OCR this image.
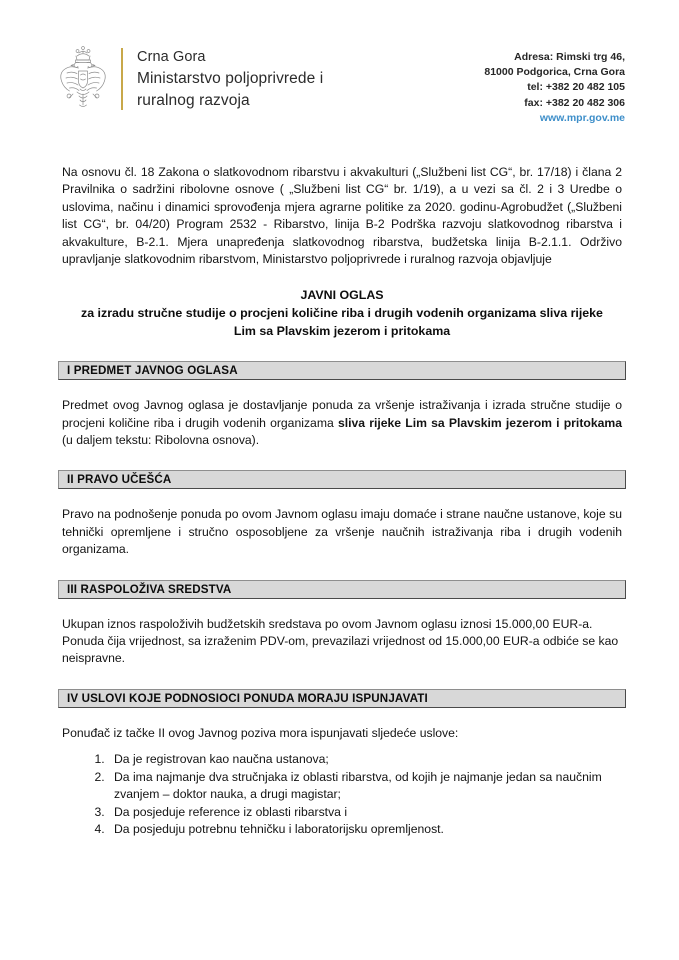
Crna Gora
Ministarstvo poljoprivrede i
ruralnog razvoja
Adresa: Rimski trg 46,
81000 Podgorica, Crna Gora
tel: +382 20 482 105
fax: +382 20 482 306
www.mpr.gov.me

Na osnovu čl. 18 Zakona o slatkovodnom ribarstvu i akvakulturi („Službeni list CG“, br. 17/18) i člana 2 Pravilnika o sadržini ribolovne osnove ( „Službeni list CG“ br. 1/19), a u vezi sa čl. 2 i 3 Uredbe o uslovima, načinu i dinamici sprovođenja mjera agrarne politike za 2020. godinu-Agrobudžet („Službeni list CG“, br. 04/20) Program 2532 - Ribarstvo, linija B-2 Podrška razvoju slatkovodnog ribarstva i akvakulture, B-2.1. Mjera unapređenja slatkovodnog ribarstva, budžetska linija B-2.1.1. Održivo upravljanje slatkovodnim ribarstvom, Ministarstvo poljoprivrede i ruralnog razvoja objavljuje

JAVNI OGLAS
za izradu stručne studije o procjeni količine riba i drugih vodenih organizama sliva rijeke
Lim sa Plavskim jezerom i pritokama
I PREDMET JAVNOG OGLASA

Predmet ovog Javnog oglasa je dostavljanje ponuda za vršenje istraživanja i izrada stručne studije o procjeni količine riba i drugih vodenih organizama sliva rijeke Lim sa Plavskim jezerom i pritokama (u daljem tekstu: Ribolovna osnova).

II PRAVO UČEŠĆA

Pravo na podnošenje ponuda po ovom Javnom oglasu imaju domaće i strane naučne ustanove, koje su tehnički opremljene i stručno osposobljene za vršenje naučnih istraživanja riba i drugih vodenih organizama.

III RASPOLOŽIVA SREDSTVA

Ukupan iznos raspoloživih budžetskih sredstava po ovom Javnom oglasu iznosi 15.000,00 EUR-a.

Ponuda čija vrijednost, sa izraženim PDV-om, prevazilazi vrijednost od 15.000,00 EUR-a odbiće se kao neispravne.

IV USLOVI KOJE PODNOSIOCI PONUDA MORAJU ISPUNJAVATI

Ponuđač iz tačke II ovog Javnog poziva mora ispunjavati sljedeće uslove:

1. Da je registrovan kao naučna ustanova;
2. Da ima najmanje dva stručnjaka iz oblasti ribarstva, od kojih je najmanje jedan sa naučnim zvanjem – doktor nauka, a drugi magistar;
3. Da posjeduje reference iz oblasti ribarstva i
4. Da posjeduju potrebnu tehničku i laboratorijsku opremljenost.
